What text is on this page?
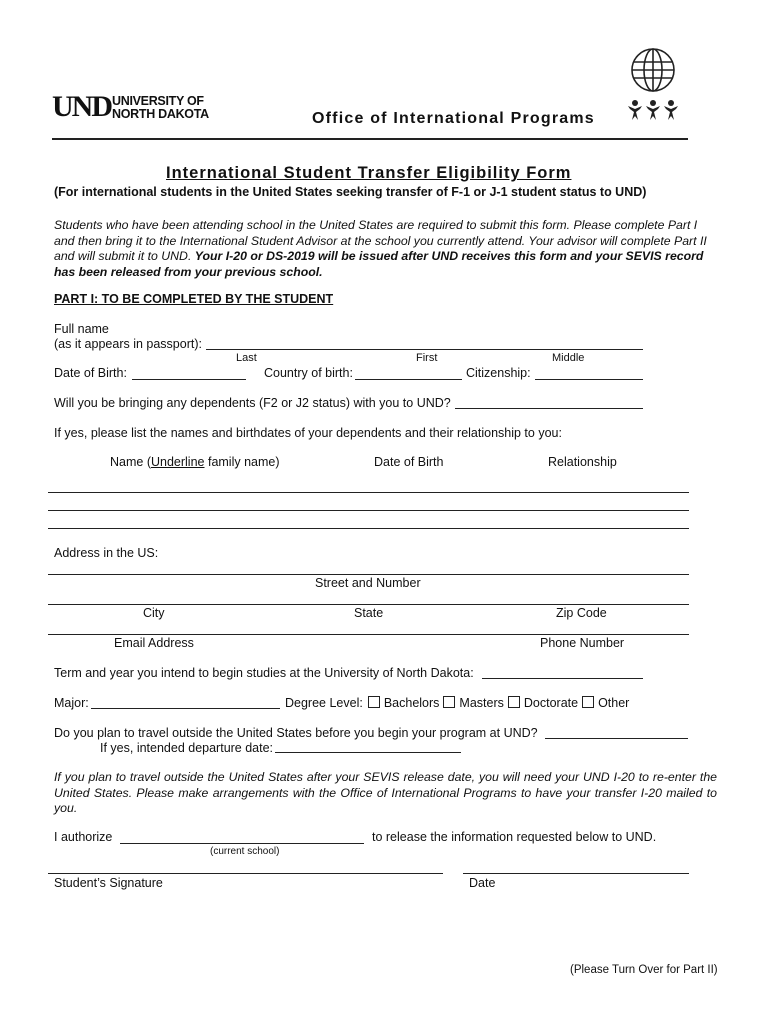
UND UNIVERSITY OF
NORTH DAKOTA	Office of International Programs
International Student Transfer Eligibility Form
(For international students in the United States seeking transfer of F-1 or J-1 student status to UND)
Students who have been attending school in the United States are required to submit this form. Please complete Part I and then bring it to the International Student Advisor at the school you currently attend. Your advisor will complete Part II and will submit it to UND. Your I-20 or DS-2019 will be issued after UND receives this form and your SEVIS record has been released from your previous school.
PART I: TO BE COMPLETED BY THE STUDENT
Full name
(as it appears in passport):
Last	First	Middle
Date of Birth:	Country of birth:	Citizenship:
Will you be bringing any dependents (F2 or J2 status) with you to UND?
If yes, please list the names and birthdates of your dependents and their relationship to you:
Name (Underline family name)	Date of Birth	Relationship
Address in the US:
Street and Number
City	State	Zip Code
Email Address	Phone Number
Term and year you intend to begin studies at the University of North Dakota:
Major:	Degree Level: Bachelors Masters Doctorate Other
Do you plan to travel outside the United States before you begin your program at UND?
If yes, intended departure date:
If you plan to travel outside the United States after your SEVIS release date, you will need your UND I-20 to re-enter the United States. Please make arrangements with the Office of International Programs to have your transfer I-20 mailed to you.
I authorize	to release the information requested below to UND.
(current school)
Student’s Signature	Date
(Please Turn Over for Part II)
